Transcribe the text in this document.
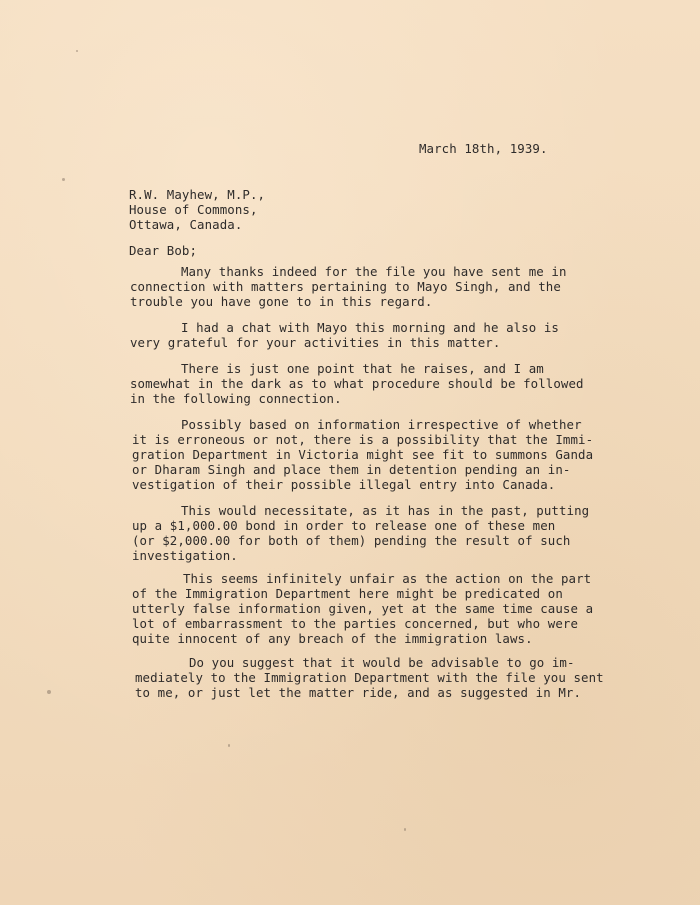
March 18th, 1939.
R.W. Mayhew, M.P.,
House of Commons,
Ottawa, Canada.
Dear Bob;
Many thanks indeed for the file you have sent me in
connection with matters pertaining to Mayo Singh, and the
trouble you have gone to in this regard.
I had a chat with Mayo this morning and he also is
very grateful for your activities in this matter.
There is just one point that he raises, and I am
somewhat in the dark as to what procedure should be followed
in the following connection.
Possibly based on information irrespective of whether
it is erroneous or not, there is a possibility that the Immi-
gration Department in Victoria might see fit to summons Ganda
or Dharam Singh and place them in detention pending an in-
vestigation of their possible illegal entry into Canada.
This would necessitate, as it has in the past, putting
up a $1,000.00 bond in order to release one of these men
(or $2,000.00 for both of them) pending the result of such
investigation.
This seems infinitely unfair as the action on the part
of the Immigration Department here might be predicated on
utterly false information given, yet at the same time cause a
lot of embarrassment to the parties concerned, but who were
quite innocent of any breach of the immigration laws.
Do you suggest that it would be advisable to go im-
mediately to the Immigration Department with the file you sent
to me, or just let the matter ride, and as suggested in Mr.
